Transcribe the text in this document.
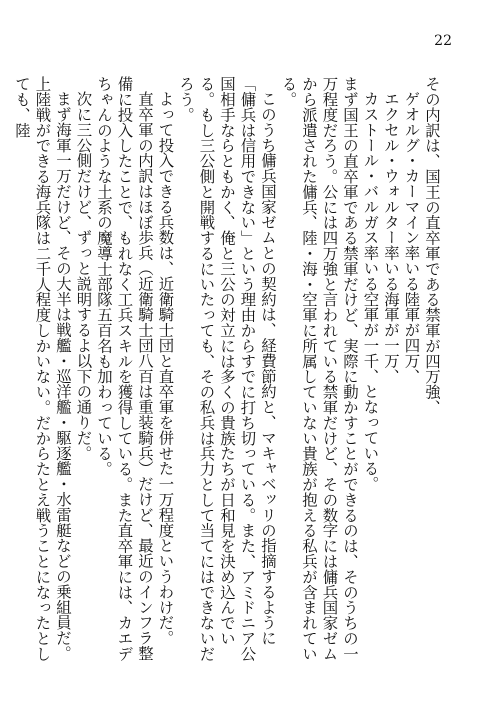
22

その内訳は、国王の直卒軍である禁軍が四万強、

ゲオルグ・カーマイン率いる陸軍が四万、

エクセル・ウォルター率いる海軍が一万、

カストール・バルガス率いる空軍が一千、となっている。

まず国王の直卒軍である禁軍だけど、実際に動かすことができるのは、そのうちの一万程度だろう。公には四万強と言われている禁軍だけど、その数字には傭兵国家ゼムから派遣された傭兵、陸・海・空軍に所属していない貴族が抱える私兵が含まれている。

このうち傭兵国家ゼムとの契約は、経費節約と、マキャベッリの指摘するように「傭兵は信用できない」という理由からすでに打ち切っている。また、アミドニア公国相手ならともかく、俺と三公の対立には多くの貴族たちが日和見を決め込んでいる。もし三公側と開戦するにいたっても、その私兵は兵力として当てにはできないだろう。

よって投入できる兵数は、近衛騎士団と直卒軍を併せた一万程度というわけだ。

直卒軍の内訳はほぼ歩兵（近衛騎士団八百は重装騎兵）だけど、最近のインフラ整備に投入したことで、もれなく工兵スキルを獲得している。また直卒軍には、カエデちゃんのような土系の魔導士部隊五百名も加わっている。

次に三公側だけど、ずっと説明するよ以下の通りだ。

まず海軍一万だけど、その大半は戦艦・巡洋艦・駆逐艦・水雷艇などの乗組員だ。上陸戦ができる海兵隊は二千人程度しかいない。だからたとえ戦うことになったとしても、陸
